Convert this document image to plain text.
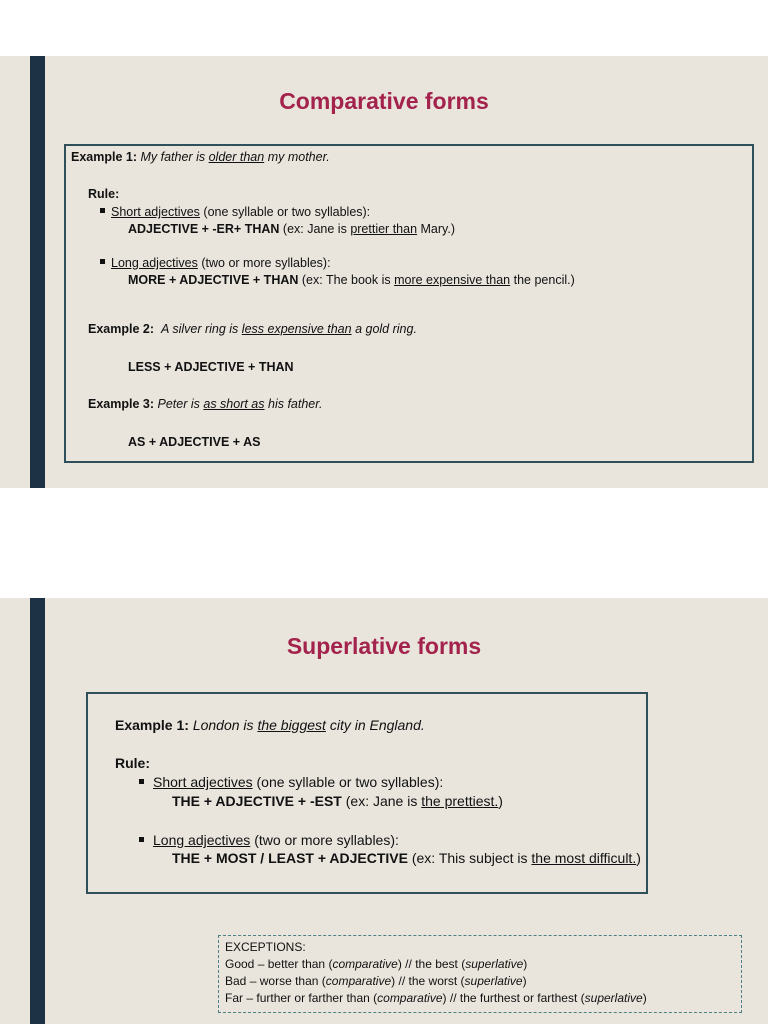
Comparative forms
Example 1: My father is older than my mother.
Rule:
Short adjectives (one syllable or two syllables):
ADJECTIVE + -ER+ THAN (ex: Jane is prettier than Mary.)
Long adjectives (two or more syllables):
MORE + ADJECTIVE + THAN (ex: The book is more expensive than the pencil.)
Example 2: A silver ring is less expensive than a gold ring.
LESS + ADJECTIVE + THAN
Example 3: Peter is as short as his father.
AS + ADJECTIVE + AS
Superlative forms
Example 1: London is the biggest city in England.
Rule:
Short adjectives (one syllable or two syllables):
THE + ADJECTIVE + -EST (ex: Jane is the prettiest.)
Long adjectives (two or more syllables):
THE + MOST / LEAST + ADJECTIVE (ex: This subject is the most difficult.)
EXCEPTIONS:
Good – better than (comparative) // the best (superlative)
Bad – worse than (comparative) // the worst (superlative)
Far – further or farther than (comparative) // the furthest or farthest (superlative)
